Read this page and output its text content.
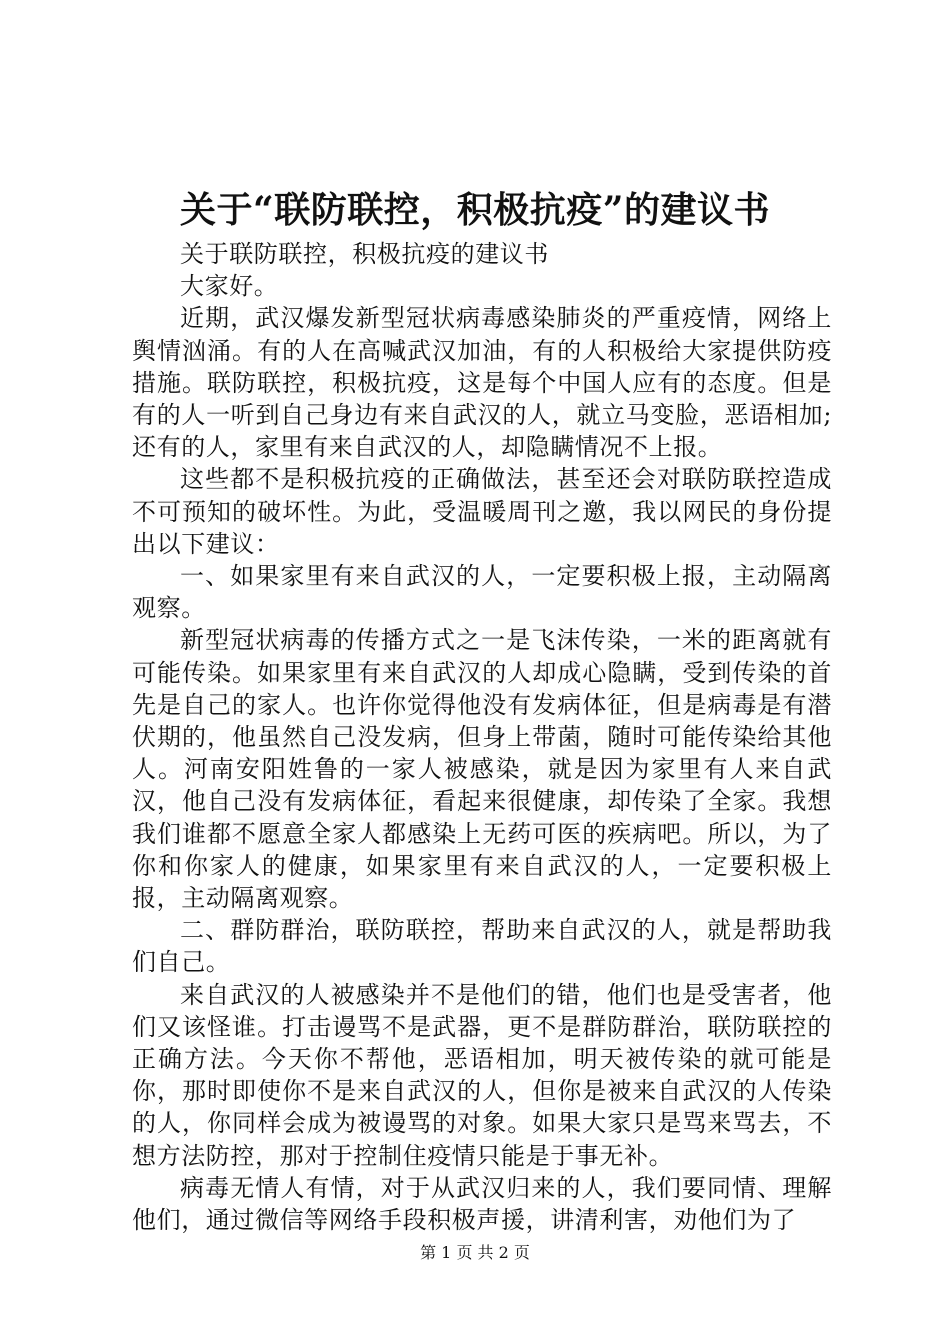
关于“联防联控，积极抗疫”的建议书

关于联防联控，积极抗疫的建议书

大家好。

近期，武汉爆发新型冠状病毒感染肺炎的严重疫情，网络上舆情汹涌。有的人在高喊武汉加油，有的人积极给大家提供防疫措施。联防联控，积极抗疫，这是每个中国人应有的态度。但是有的人一听到自己身边有来自武汉的人，就立马变脸，恶语相加;还有的人，家里有来自武汉的人，却隐瞒情况不上报。

这些都不是积极抗疫的正确做法，甚至还会对联防联控造成不可预知的破坏性。为此，受温暖周刊之邀，我以网民的身份提出以下建议：

一、如果家里有来自武汉的人，一定要积极上报，主动隔离观察。

新型冠状病毒的传播方式之一是飞沫传染，一米的距离就有可能传染。如果家里有来自武汉的人却成心隐瞒，受到传染的首先是自己的家人。也许你觉得他没有发病体征，但是病毒是有潜伏期的，他虽然自己没发病，但身上带菌，随时可能传染给其他人。河南安阳姓鲁的一家人被感染，就是因为家里有人来自武汉，他自己没有发病体征，看起来很健康，却传染了全家。我想我们谁都不愿意全家人都感染上无药可医的疾病吧。所以，为了你和你家人的健康，如果家里有来自武汉的人，一定要积极上报，主动隔离观察。

二、群防群治，联防联控，帮助来自武汉的人，就是帮助我们自己。

来自武汉的人被感染并不是他们的错，他们也是受害者，他们又该怪谁。打击谩骂不是武器，更不是群防群治，联防联控的正确方法。今天你不帮他，恶语相加，明天被传染的就可能是你，那时即使你不是来自武汉的人，但你是被来自武汉的人传染的人，你同样会成为被谩骂的对象。如果大家只是骂来骂去，不想方法防控，那对于控制住疫情只能是于事无补。

病毒无情人有情，对于从武汉归来的人，我们要同情、理解他们，通过微信等网络手段积极声援，讲清利害，劝他们为了

第 1 页 共 2 页
